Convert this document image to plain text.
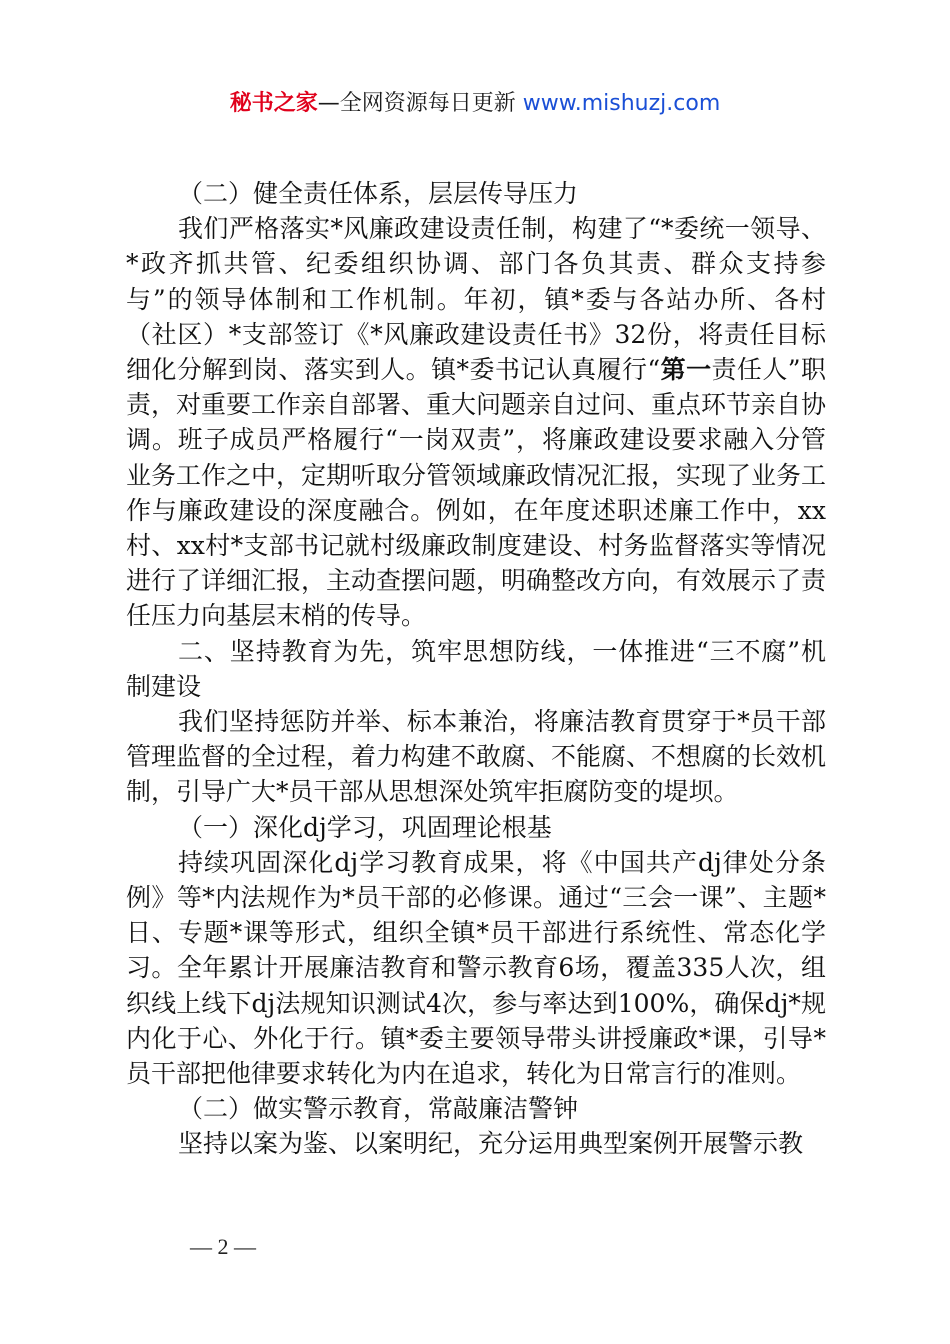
秘书之家—全网资源每日更新 www.mishuzj.com

（二）健全责任体系，层层传导压力

我们严格落实*风廉政建设责任制，构建了“*委统一领导、*政齐抓共管、纪委组织协调、部门各负其责、群众支持参与”的领导体制和工作机制。年初，镇*委与各站办所、各村（社区）*支部签订《*风廉政建设责任书》32份，将责任目标细化分解到岗、落实到人。镇*委书记认真履行“第一责任人”职责，对重要工作亲自部署、重大问题亲自过问、重点环节亲自协调。班子成员严格履行“一岗双责”，将廉政建设要求融入分管业务工作之中，定期听取分管领域廉政情况汇报，实现了业务工作与廉政建设的深度融合。例如，在年度述职述廉工作中，xx村、xx村*支部书记就村级廉政制度建设、村务监督落实等情况进行了详细汇报，主动查摆问题，明确整改方向，有效展示了责任压力向基层末梢的传导。

二、坚持教育为先，筑牢思想防线，一体推进“三不腐”机制建设

我们坚持惩防并举、标本兼治，将廉洁教育贯穿于*员干部管理监督的全过程，着力构建不敢腐、不能腐、不想腐的长效机制，引导广大*员干部从思想深处筑牢拒腐防变的堤坝。

（一）深化dj学习，巩固理论根基

持续巩固深化dj学习教育成果，将《中国共产dj律处分条例》等*内法规作为*员干部的必修课。通过“三会一课”、主题*日、专题*课等形式，组织全镇*员干部进行系统性、常态化学习。全年累计开展廉洁教育和警示教育6场，覆盖335人次，组织线上线下dj法规知识测试4次，参与率达到100%，确保dj*规内化于心、外化于行。镇*委主要领导带头讲授廉政*课，引导*员干部把他律要求转化为内在追求，转化为日常言行的准则。

（二）做实警示教育，常敲廉洁警钟

坚持以案为鉴、以案明纪，充分运用典型案例开展警示教

— 2 —
